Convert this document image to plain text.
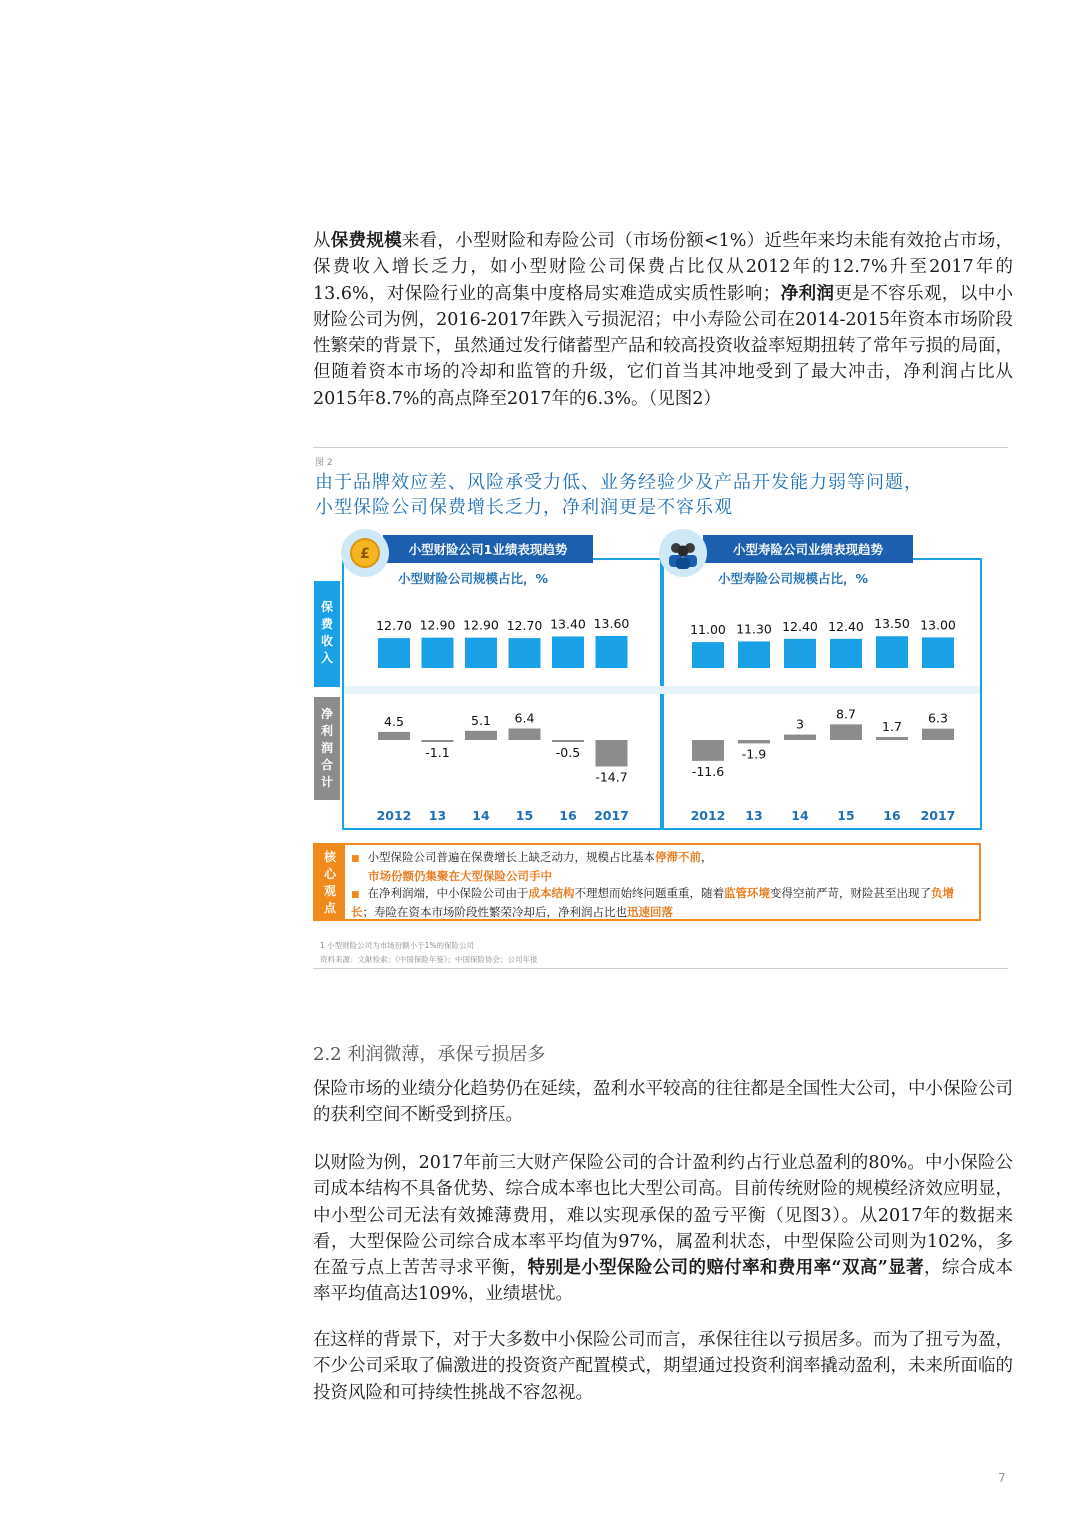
从保费规模来看，小型财险和寿险公司（市场份额<1%）近些年来均未能有效抢占市场，保费收入增长乏力，如小型财险公司保费占比仅从2012年的12.7%升至2017年的13.6%，对保险行业的高集中度格局实难造成实质性影响；净利润更是不容乐观，以中小财险公司为例，2016-2017年跌入亏损泥沼；中小寿险公司在2014-2015年资本市场阶段性繁荣的背景下，虽然通过发行储蓄型产品和较高投资收益率短期扭转了常年亏损的局面，但随着资本市场的冷却和监管的升级，它们首当其冲地受到了最大冲击，净利润占比从2015年8.7%的高点降至2017年的6.3%。（见图2）
图 2
由于品牌效应差、风险承受力低、业务经验少及产品开发能力弱等问题，
小型保险公司保费增长乏力，净利润更是不容乐观
保费收入
净利润合计
小型财险公司1业绩表现趋势	小型寿险公司业绩表现趋势
£
小型财险公司规模占比，%	小型寿险公司规模占比，%
12.70
4.5
2012
12.90
-1.1
13
12.90
5.1
14
12.70
6.4
15
13.40
-0.5
16
13.60
-14.7
2017
11.00
-11.6
2012
11.30
-1.9
13
12.40
3
14
12.40
8.7
15
13.50
1.7
16
13.00
6.3
2017
核
心
观
点
■ 小型保险公司普遍在保费增长上缺乏动力，规模占比基本停滞不前，
市场份额仍集聚在大型保险公司手中
■ 在净利润端，中小保险公司由于成本结构不理想而始终问题重重，随着监管环境变得空前严苛，财险甚至出现了负增长；寿险在资本市场阶段性繁荣冷却后，净利润占比也迅速回落
1 小型财险公司为市场份额小于1%的保险公司
资料来源：文献检索；《中国保险年鉴》；中国保险协会；公司年报
2.2 利润微薄，承保亏损居多
保险市场的业绩分化趋势仍在延续，盈利水平较高的往往都是全国性大公司，中小保险公司的获利空间不断受到挤压。
以财险为例，2017年前三大财产保险公司的合计盈利约占行业总盈利的80%。中小保险公司成本结构不具备优势、综合成本率也比大型公司高。目前传统财险的规模经济效应明显，中小型公司无法有效摊薄费用，难以实现承保的盈亏平衡（见图3）。从2017年的数据来看，大型保险公司综合成本率平均值为97%，属盈利状态，中型保险公司则为102%，多在盈亏点上苦苦寻求平衡，特别是小型保险公司的赔付率和费用率“双高”显著，综合成本率平均值高达109%，业绩堪忧。
在这样的背景下，对于大多数中小保险公司而言，承保往往以亏损居多。而为了扭亏为盈，不少公司采取了偏激进的投资资产配置模式，期望通过投资利润率撬动盈利，未来所面临的投资风险和可持续性挑战不容忽视。
7
